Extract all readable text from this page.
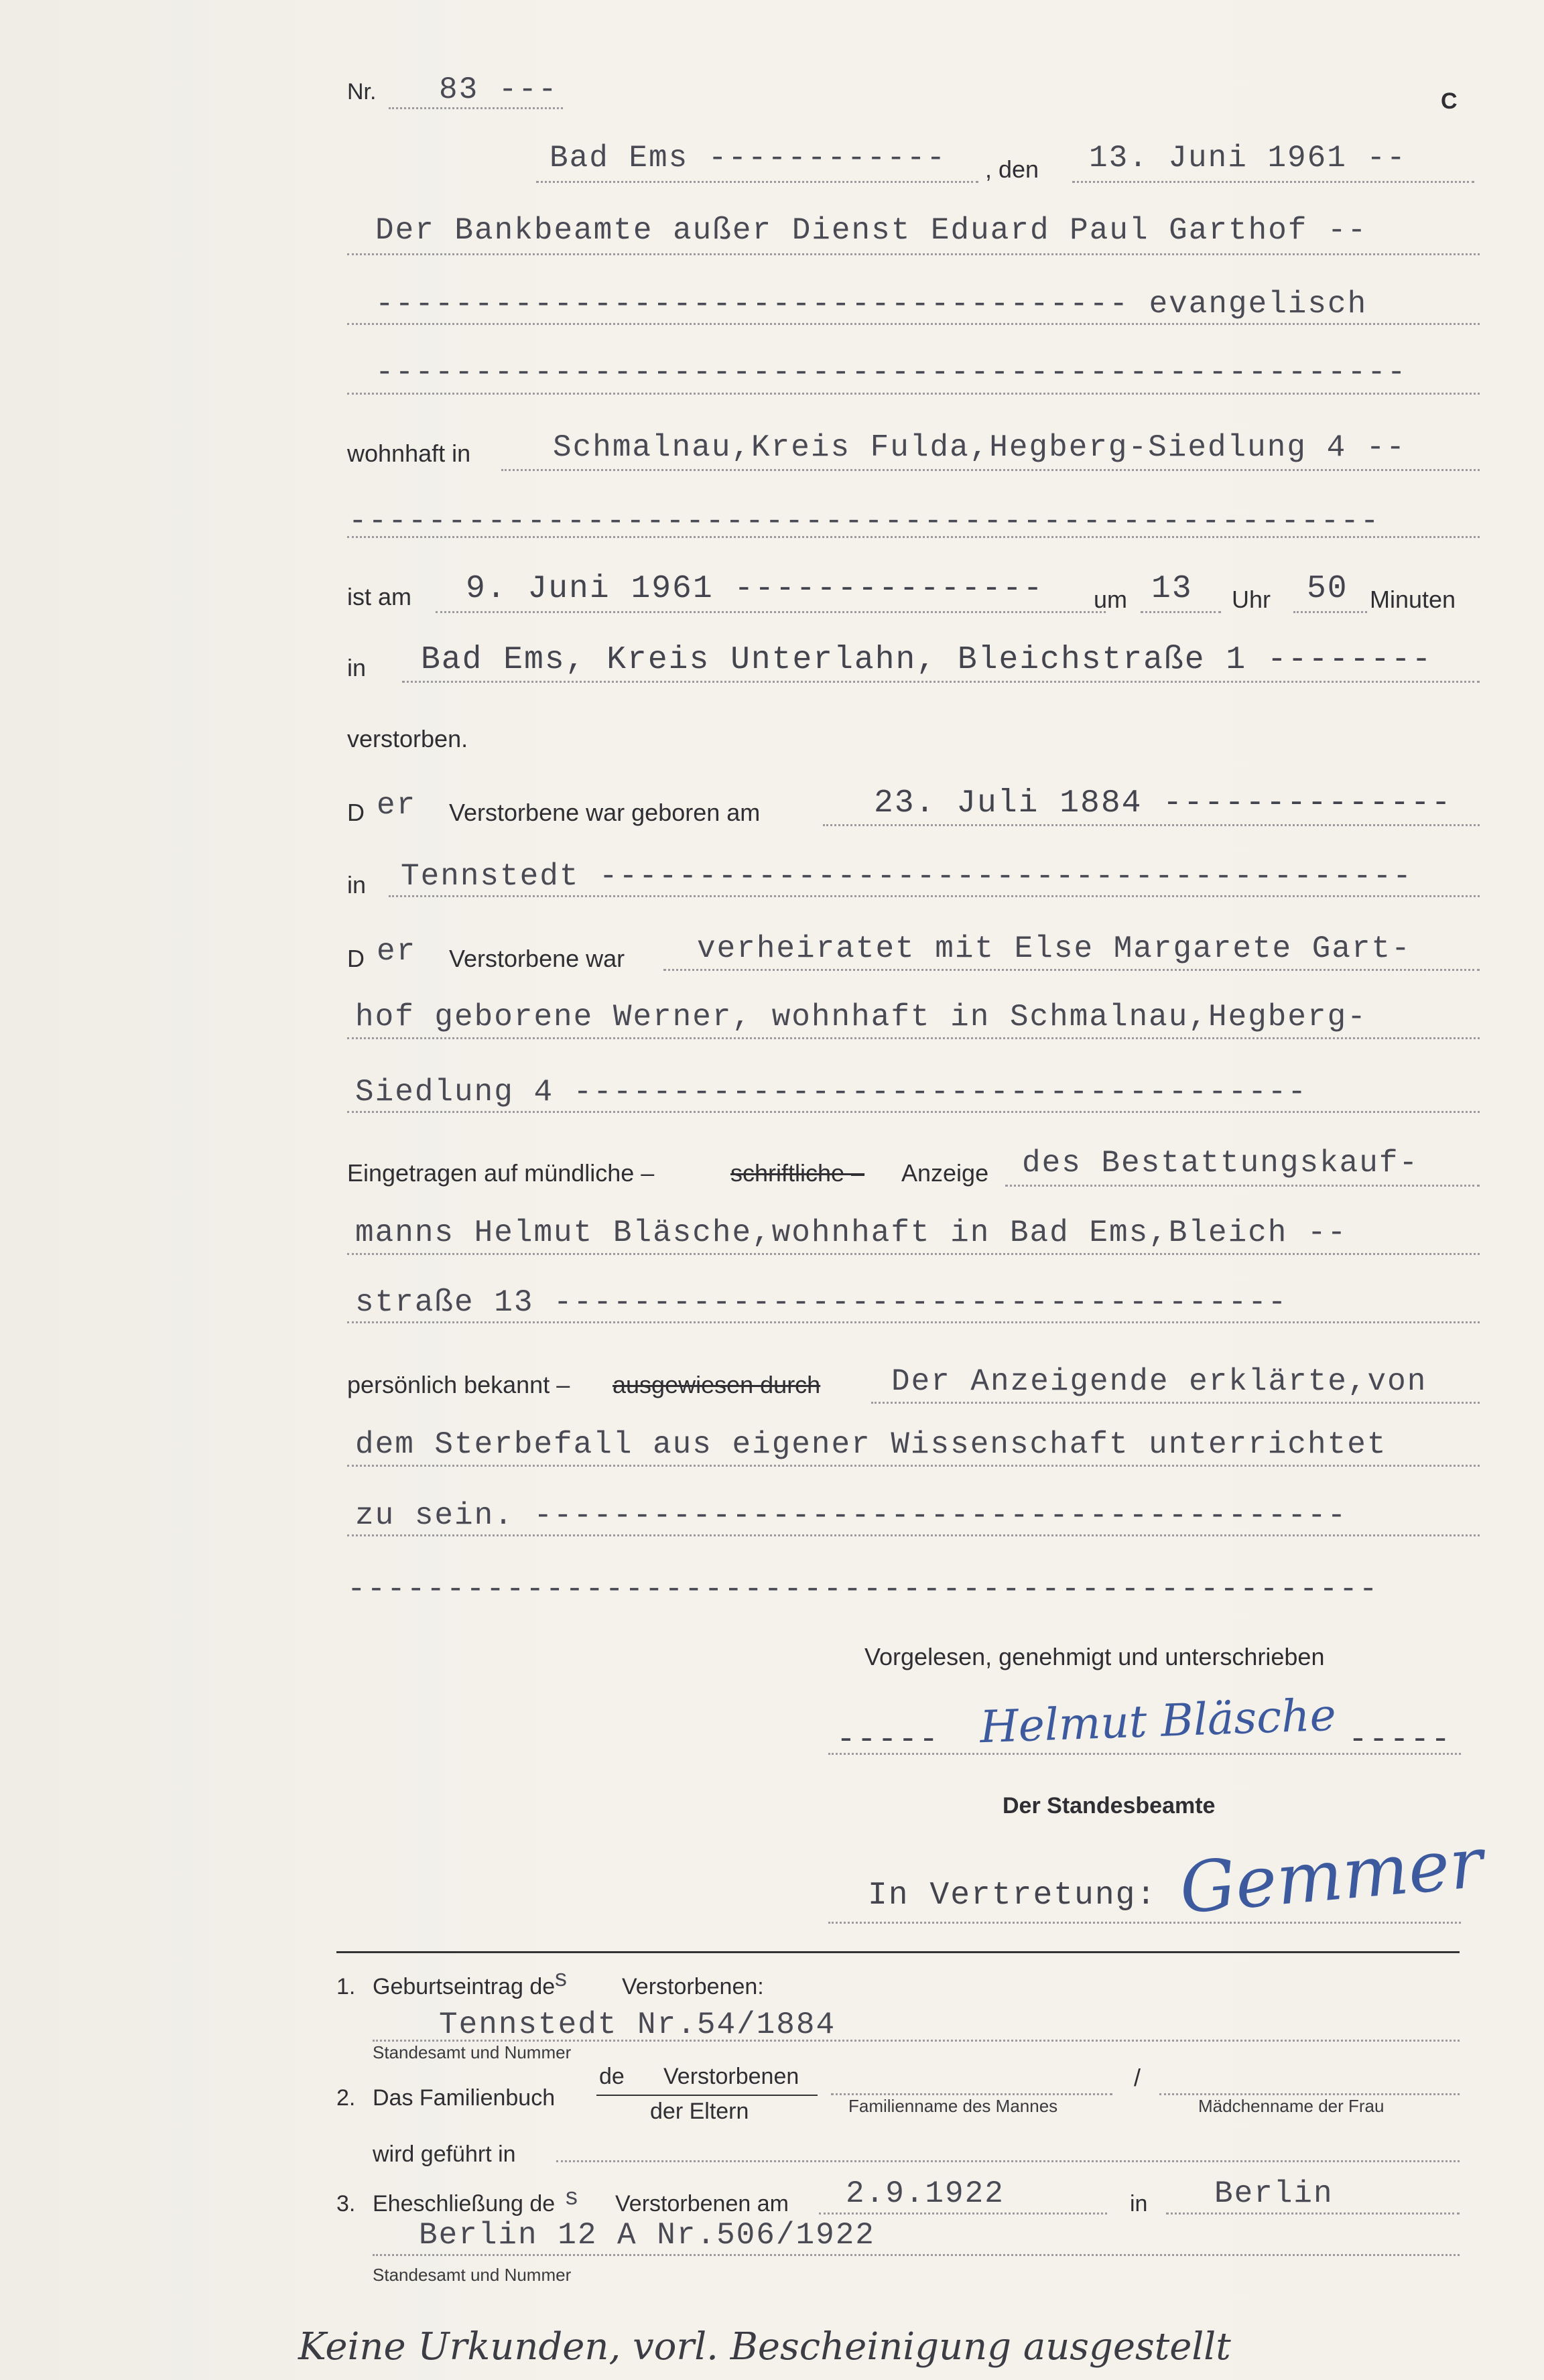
Nr. 83 ---	C
Bad Ems ------------ , den 13. Juni 1961 --
Der Bankbeamte außer Dienst Eduard Paul Garthof --
-------------------------------------- evangelisch
----------------------------------------------------
wohnhaft in	Schmalnau,Kreis Fulda,Hegberg-Siedlung 4 --
----------------------------------------------------
ist am 9. Juni 1961 --------------- um 13 Uhr 50 Minuten
in Bad Ems, Kreis Unterlahn, Bleichstraße 1 --------
verstorben.
D er Verstorbene war geboren am	23. Juli 1884 --------------
in Tennstedt -----------------------------------------
D er Verstorbene war verheiratet mit Else Margarete Gart-
hof geborene Werner, wohnhaft in Schmalnau,Hegberg-
Siedlung 4 -------------------------------------
Eingetragen auf mündliche –	schriftliche – Anzeige des Bestattungskauf-
manns Helmut Bläsche,wohnhaft in Bad Ems,Bleich --
straße 13 -------------------------------------
persönlich bekannt – ausgewiesen durch Der Anzeigende erklärte,von
dem Sterbefall aus eigener Wissenschaft unterrichtet
zu sein. -----------------------------------------
----------------------------------------------------
Vorgelesen, genehmigt und unterschrieben
----- Helmut Bläsche -----
Der Standesbeamte
In Vertretung: Gemmer
1. Geburtseintrag de
s Verstorbenen:
Tennstedt Nr.54/1884
Standesamt und Nummer
2. Das Familienbuch
de Verstorbenen
der Eltern	Familienname des Mannes
/
Mädchenname der Frau
wird geführt in
3. Eheschließung de s Verstorbenen am 2.9.1922	in Berlin
Berlin 12 A Nr.506/1922
Standesamt und Nummer
Keine Urkunden, vorl. Bescheinigung ausgestellt
